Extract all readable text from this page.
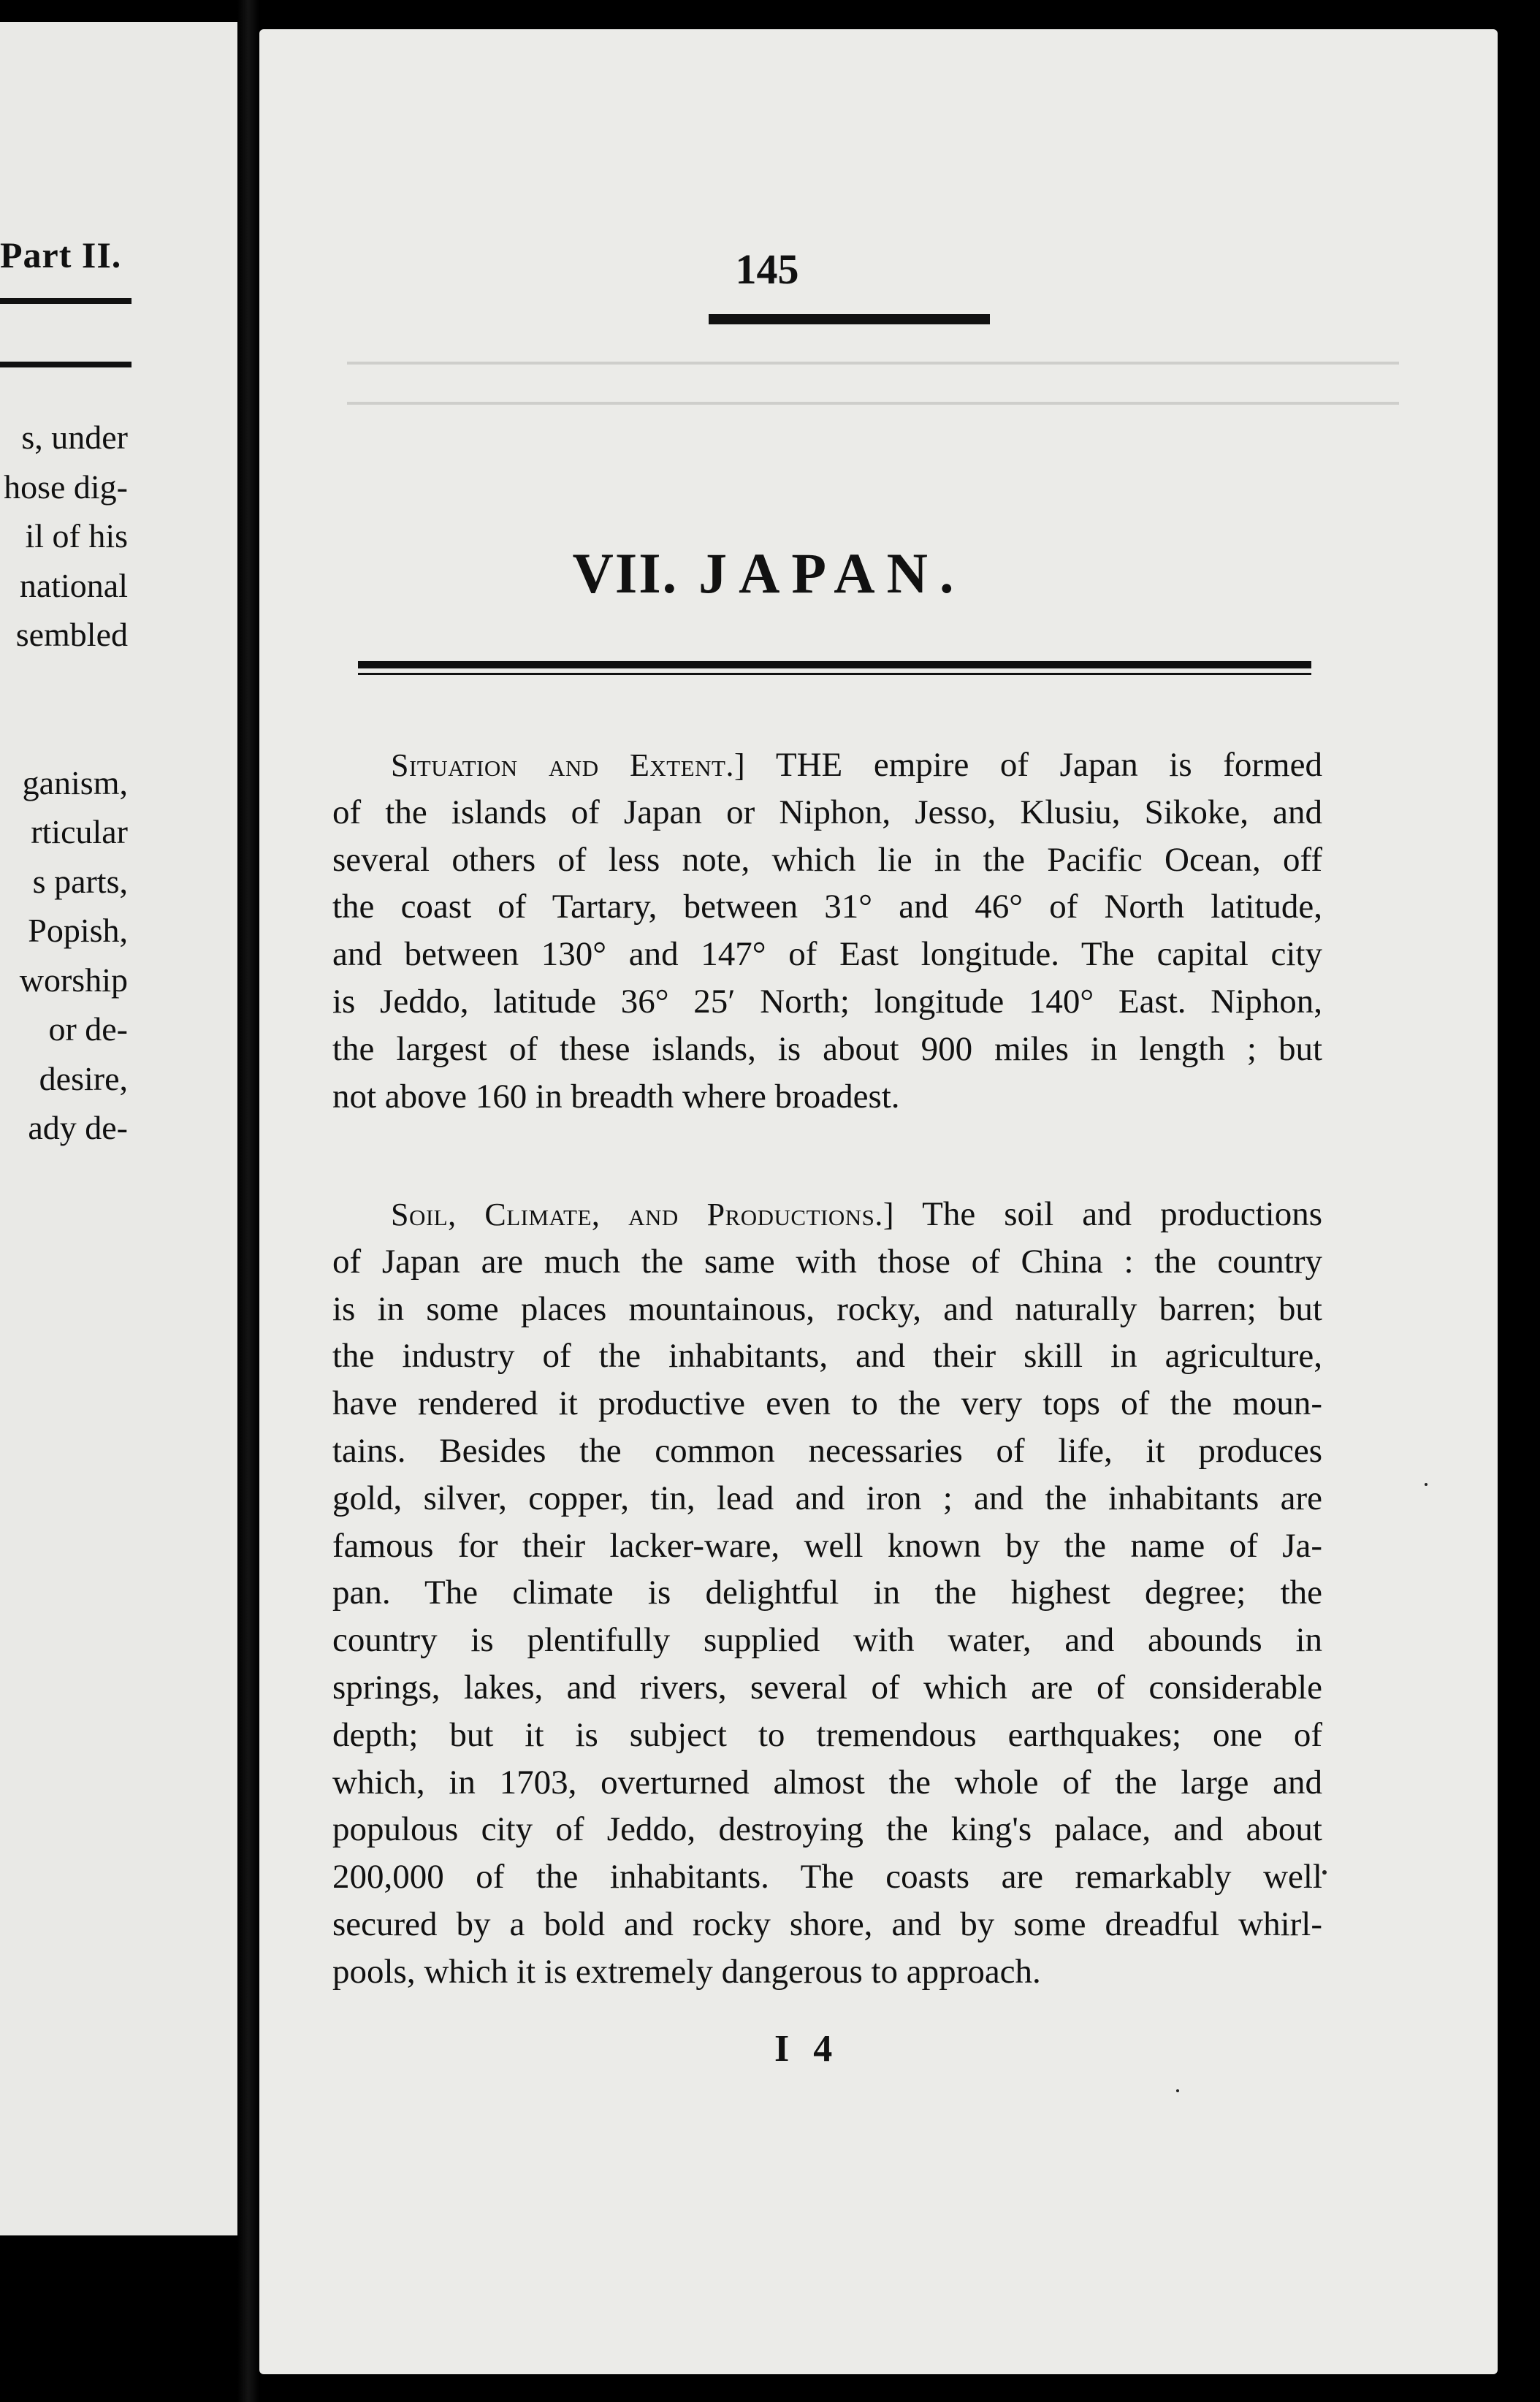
Part II.
s, under
hose dig-
il of his
national
sembled

ganism,
rticular
s parts,
Popish,
worship
or de-
desire,
ady de-
145
VII. JAPAN.
Situation and Extent.] THE empire of Japan is formed
of the islands of Japan or Niphon, Jesso, Klusiu, Sikoke, and
several others of less note, which lie in the Pacific Ocean, off
the coast of Tartary, between 31° and 46° of North latitude,
and between 130° and 147° of East longitude. The capital city
is Jeddo, latitude 36° 25′ North; longitude 140° East. Niphon,
the largest of these islands, is about 900 miles in length ; but
not above 160 in breadth where broadest.
Soil, Climate, and Productions.] The soil and productions
of Japan are much the same with those of China : the country
is in some places mountainous, rocky, and naturally barren; but
the industry of the inhabitants, and their skill in agriculture,
have rendered it productive even to the very tops of the moun-
tains. Besides the common necessaries of life, it produces
gold, silver, copper, tin, lead and iron ; and the inhabitants are
famous for their lacker-ware, well known by the name of Ja-
pan. The climate is delightful in the highest degree; the
country is plentifully supplied with water, and abounds in
springs, lakes, and rivers, several of which are of considerable
depth; but it is subject to tremendous earthquakes; one of
which, in 1703, overturned almost the whole of the large and
populous city of Jeddo, destroying the king's palace, and about
200,000 of the inhabitants. The coasts are remarkably well
secured by a bold and rocky shore, and by some dreadful whirl-
pools, which it is extremely dangerous to approach.
I 4
